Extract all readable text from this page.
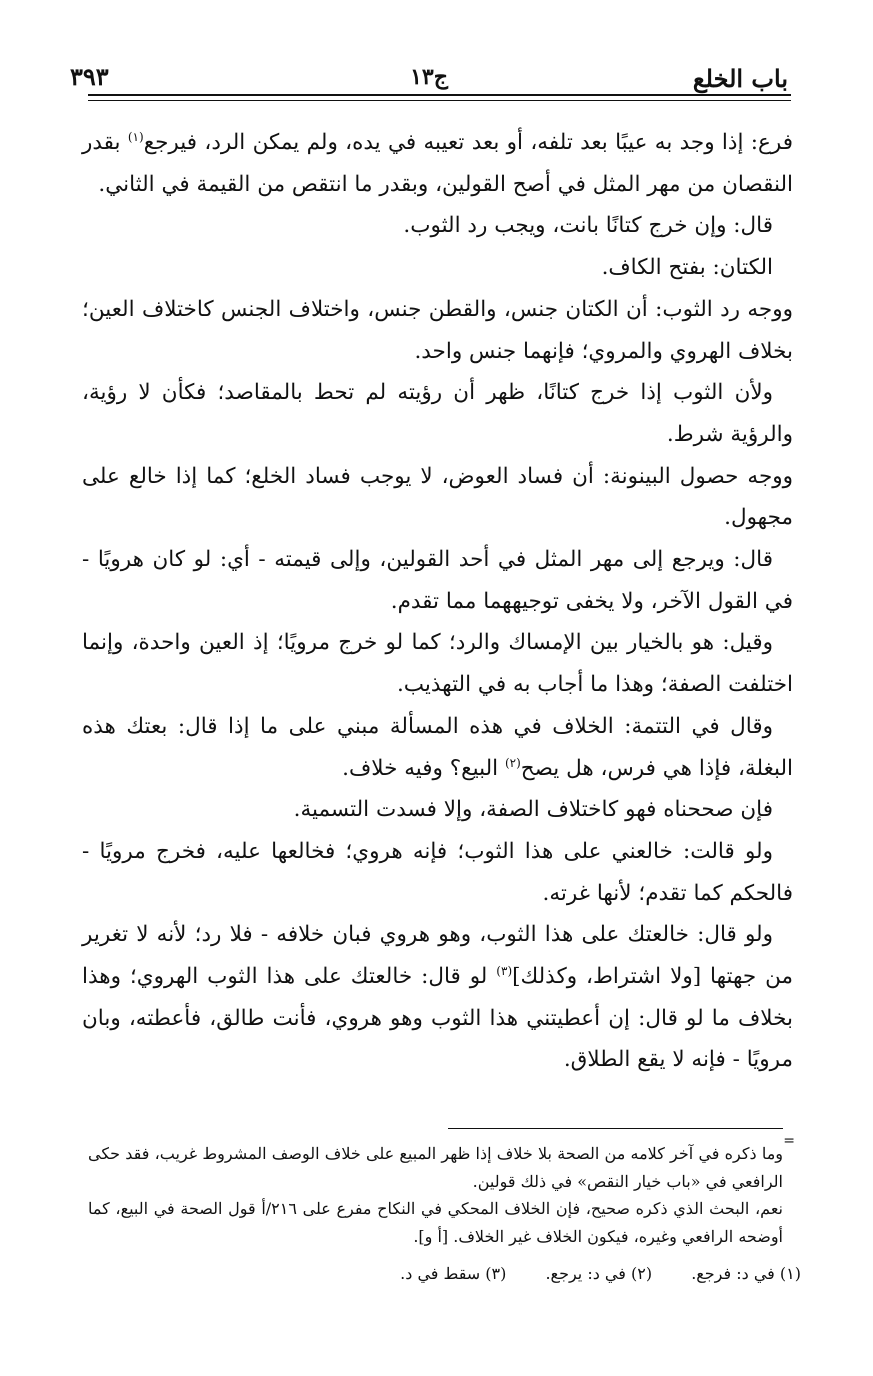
باب الخلع
ج١٣
٣٩٣

فرع: إذا وجد به عيبًا بعد تلفه، أو بعد تعيبه في يده، ولم يمكن الرد، فيرجع$^{(١)}$ بقدر النقصان من مهر المثل في أصح القولين، وبقدر ما انتقص من القيمة في الثاني.

قال: وإن خرج كتانًا بانت، ويجب رد الثوب.

الكتان: بفتح الكاف.

ووجه رد الثوب: أن الكتان جنس، والقطن جنس، واختلاف الجنس كاختلاف العين؛ بخلاف الهروي والمروي؛ فإنهما جنس واحد.

ولأن الثوب إذا خرج كتانًا، ظهر أن رؤيته لم تحط بالمقاصد؛ فكأن لا رؤية، والرؤية شرط.

ووجه حصول البينونة: أن فساد العوض، لا يوجب فساد الخلع؛ كما إذا خالع على مجهول.

قال: ويرجع إلى مهر المثل في أحد القولين، وإلى قيمته - أي: لو كان هرويًا - في القول الآخر، ولا يخفى توجيههما مما تقدم.

وقيل: هو بالخيار بين الإمساك والرد؛ كما لو خرج مرويًا؛ إذ العين واحدة، وإنما اختلفت الصفة؛ وهذا ما أجاب به في التهذيب.

وقال في التتمة: الخلاف في هذه المسألة مبني على ما إذا قال: بعتك هذه البغلة، فإذا هي فرس، هل يصح$^{(٢)}$ البيع؟ وفيه خلاف.

فإن صححناه فهو كاختلاف الصفة، وإلا فسدت التسمية.

ولو قالت: خالعني على هذا الثوب؛ فإنه هروي؛ فخالعها عليه، فخرج مرويًا - فالحكم كما تقدم؛ لأنها غرته.

ولو قال: خالعتك على هذا الثوب، وهو هروي فبان خلافه - فلا رد؛ لأنه لا تغرير من جهتها [ولا اشتراط، وكذلك]$^{(٣)}$ لو قال: خالعتك على هذا الثوب الهروي؛ وهذا بخلاف ما لو قال: إن أعطيتني هذا الثوب وهو هروي، فأنت طالق، فأعطته، وبان مرويًا - فإنه لا يقع الطلاق.

=

وما ذكره في آخر كلامه من الصحة بلا خلاف إذا ظهر المبيع على خلاف الوصف المشروط غريب، فقد حكى الرافعي في «باب خيار النقص» في ذلك قولين.

نعم، البحث الذي ذكره صحيح، فإن الخلاف المحكي في النكاح مفرع على ٢١٦/أ قول الصحة في البيع، كما أوضحه الرافعي وغيره، فيكون الخلاف غير الخلاف. [أ و].

(١) في د: فرجع. (٢) في د: يرجع. (٣) سقط في د.
